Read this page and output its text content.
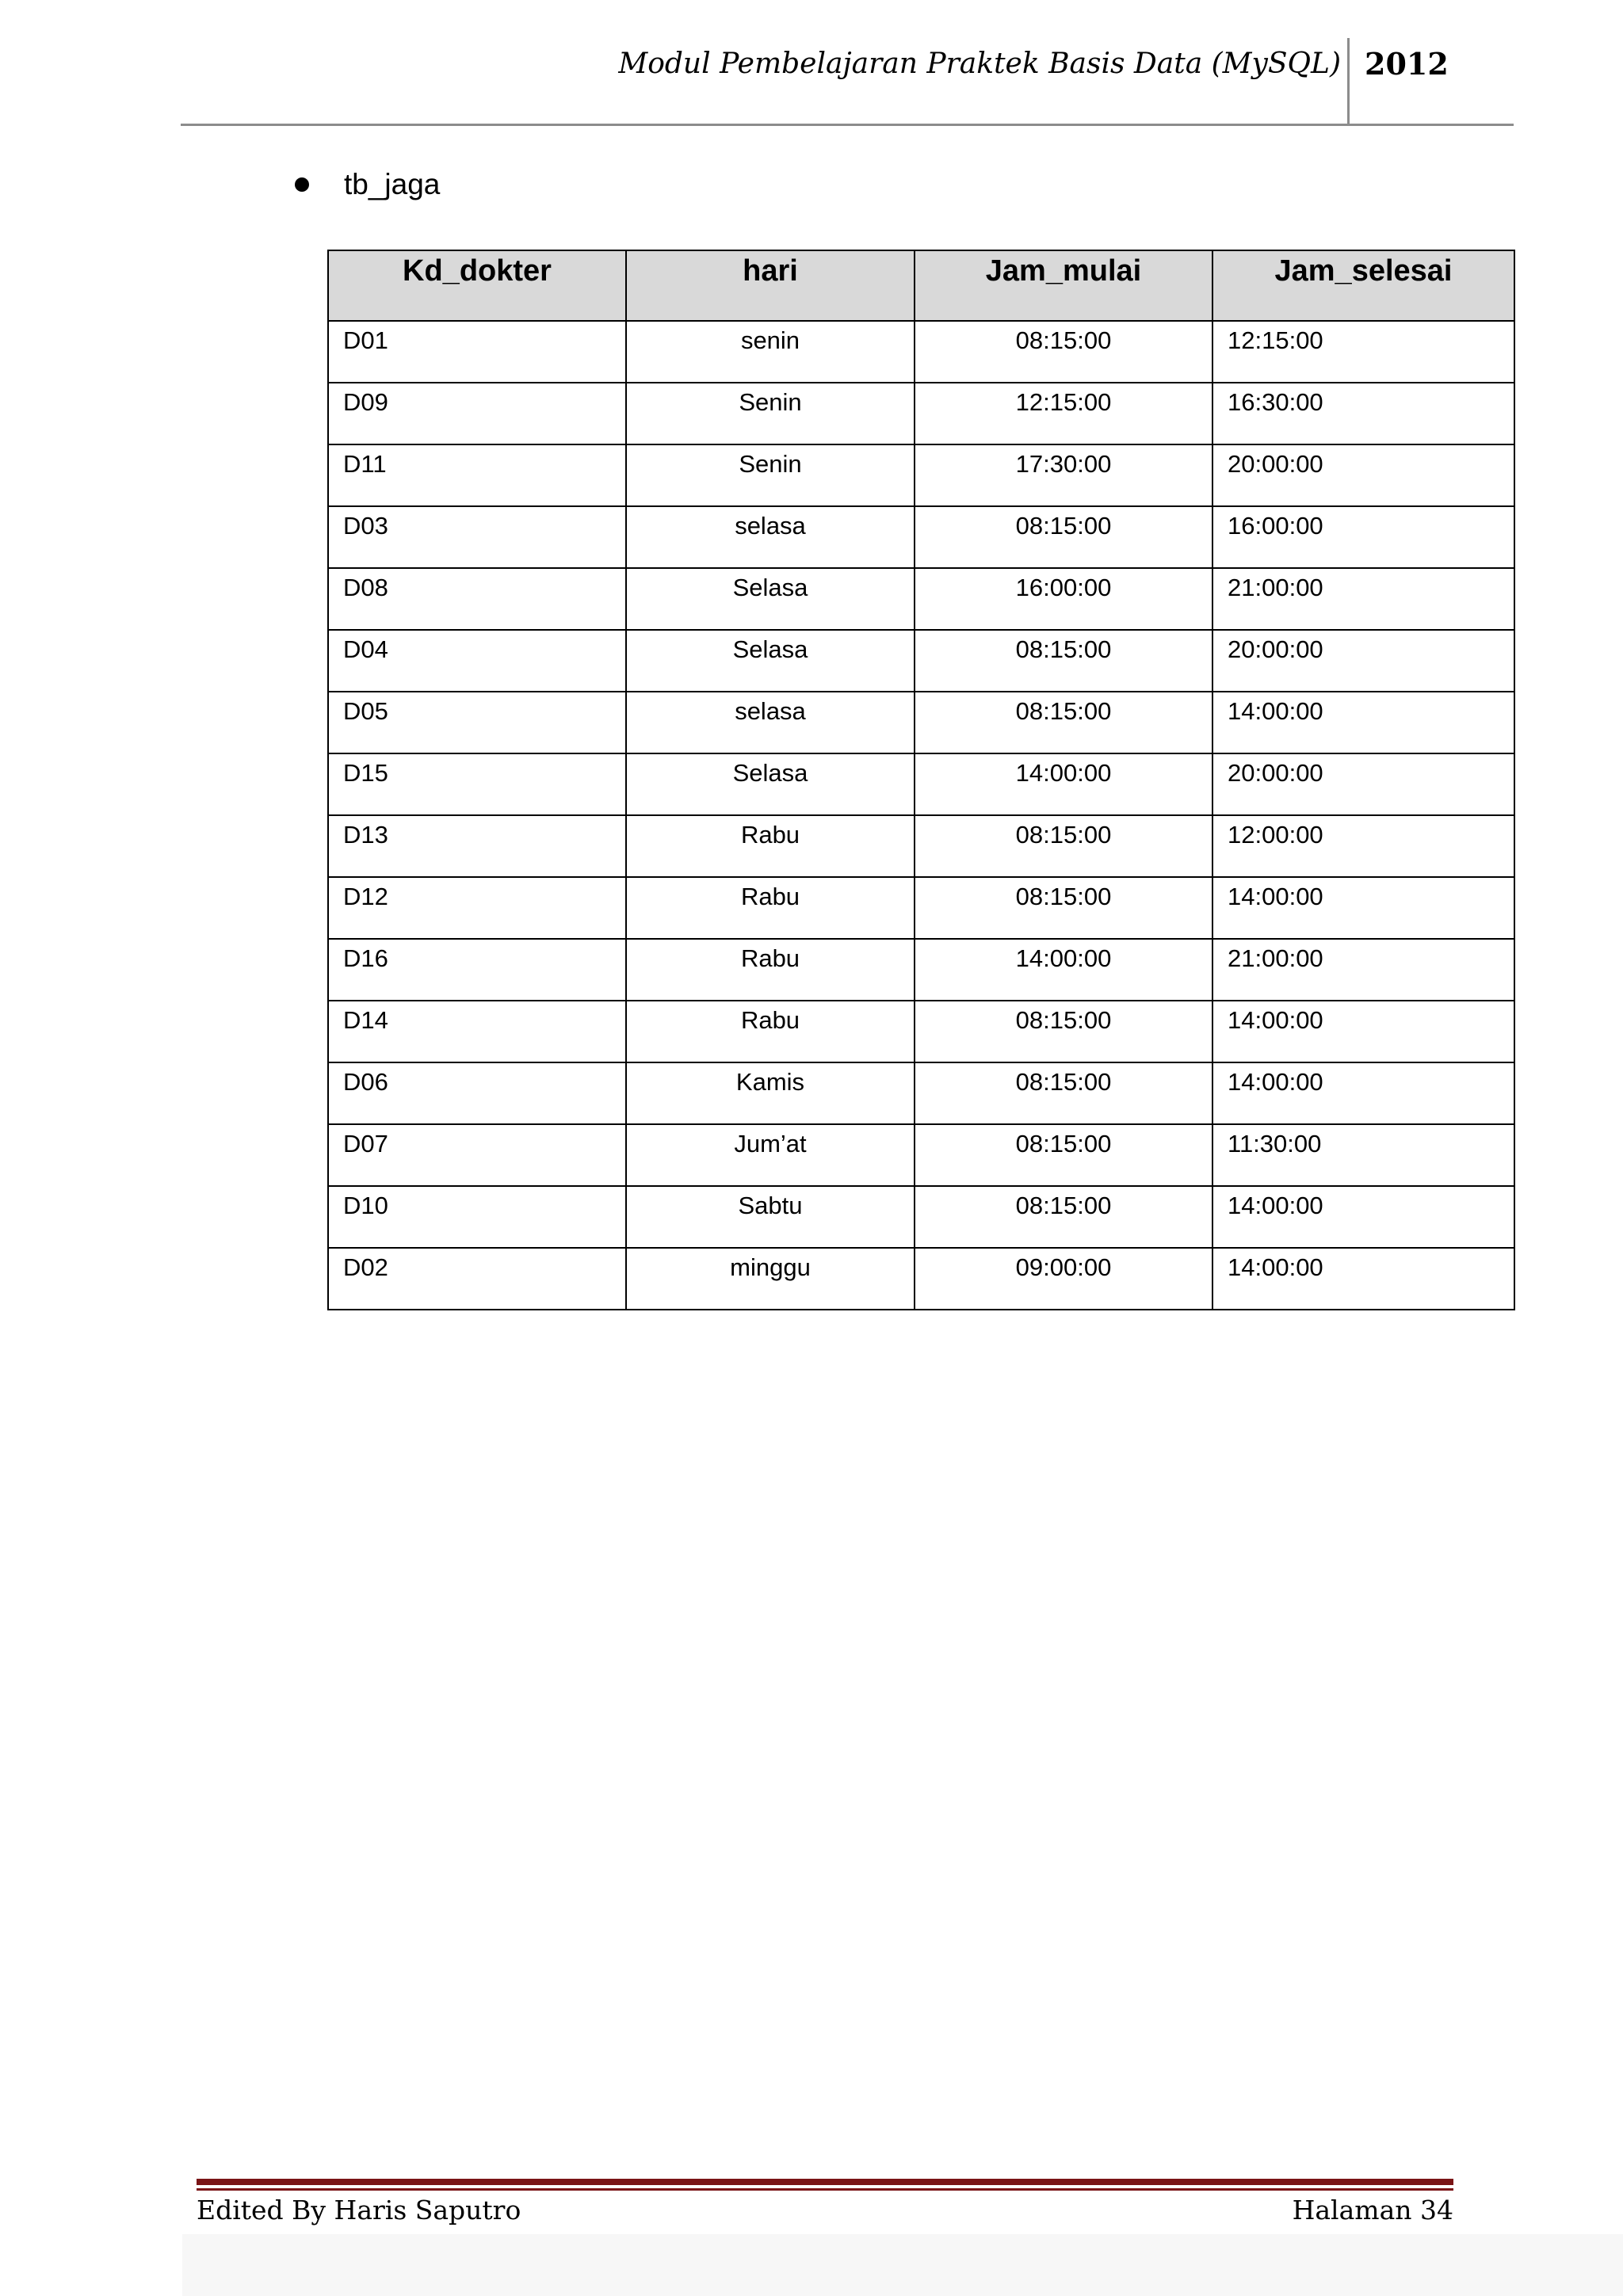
Modul Pembelajaran Praktek Basis Data (MySQL) 2012
tb_jaga
Kd_dokter	hari	Jam_mulai	Jam_selesai
D01	senin	08:15:00	12:15:00
D09	Senin	12:15:00	16:30:00
D11	Senin	17:30:00	20:00:00
D03	selasa	08:15:00	16:00:00
D08	Selasa	16:00:00	21:00:00
D04	Selasa	08:15:00	20:00:00
D05	selasa	08:15:00	14:00:00
D15	Selasa	14:00:00	20:00:00
D13	Rabu	08:15:00	12:00:00
D12	Rabu	08:15:00	14:00:00
D16	Rabu	14:00:00	21:00:00
D14	Rabu	08:15:00	14:00:00
D06	Kamis	08:15:00	14:00:00
D07	Jum’at	08:15:00	11:30:00
D10	Sabtu	08:15:00	14:00:00
D02	minggu	09:00:00	14:00:00
Edited By Haris Saputro	Halaman 34
